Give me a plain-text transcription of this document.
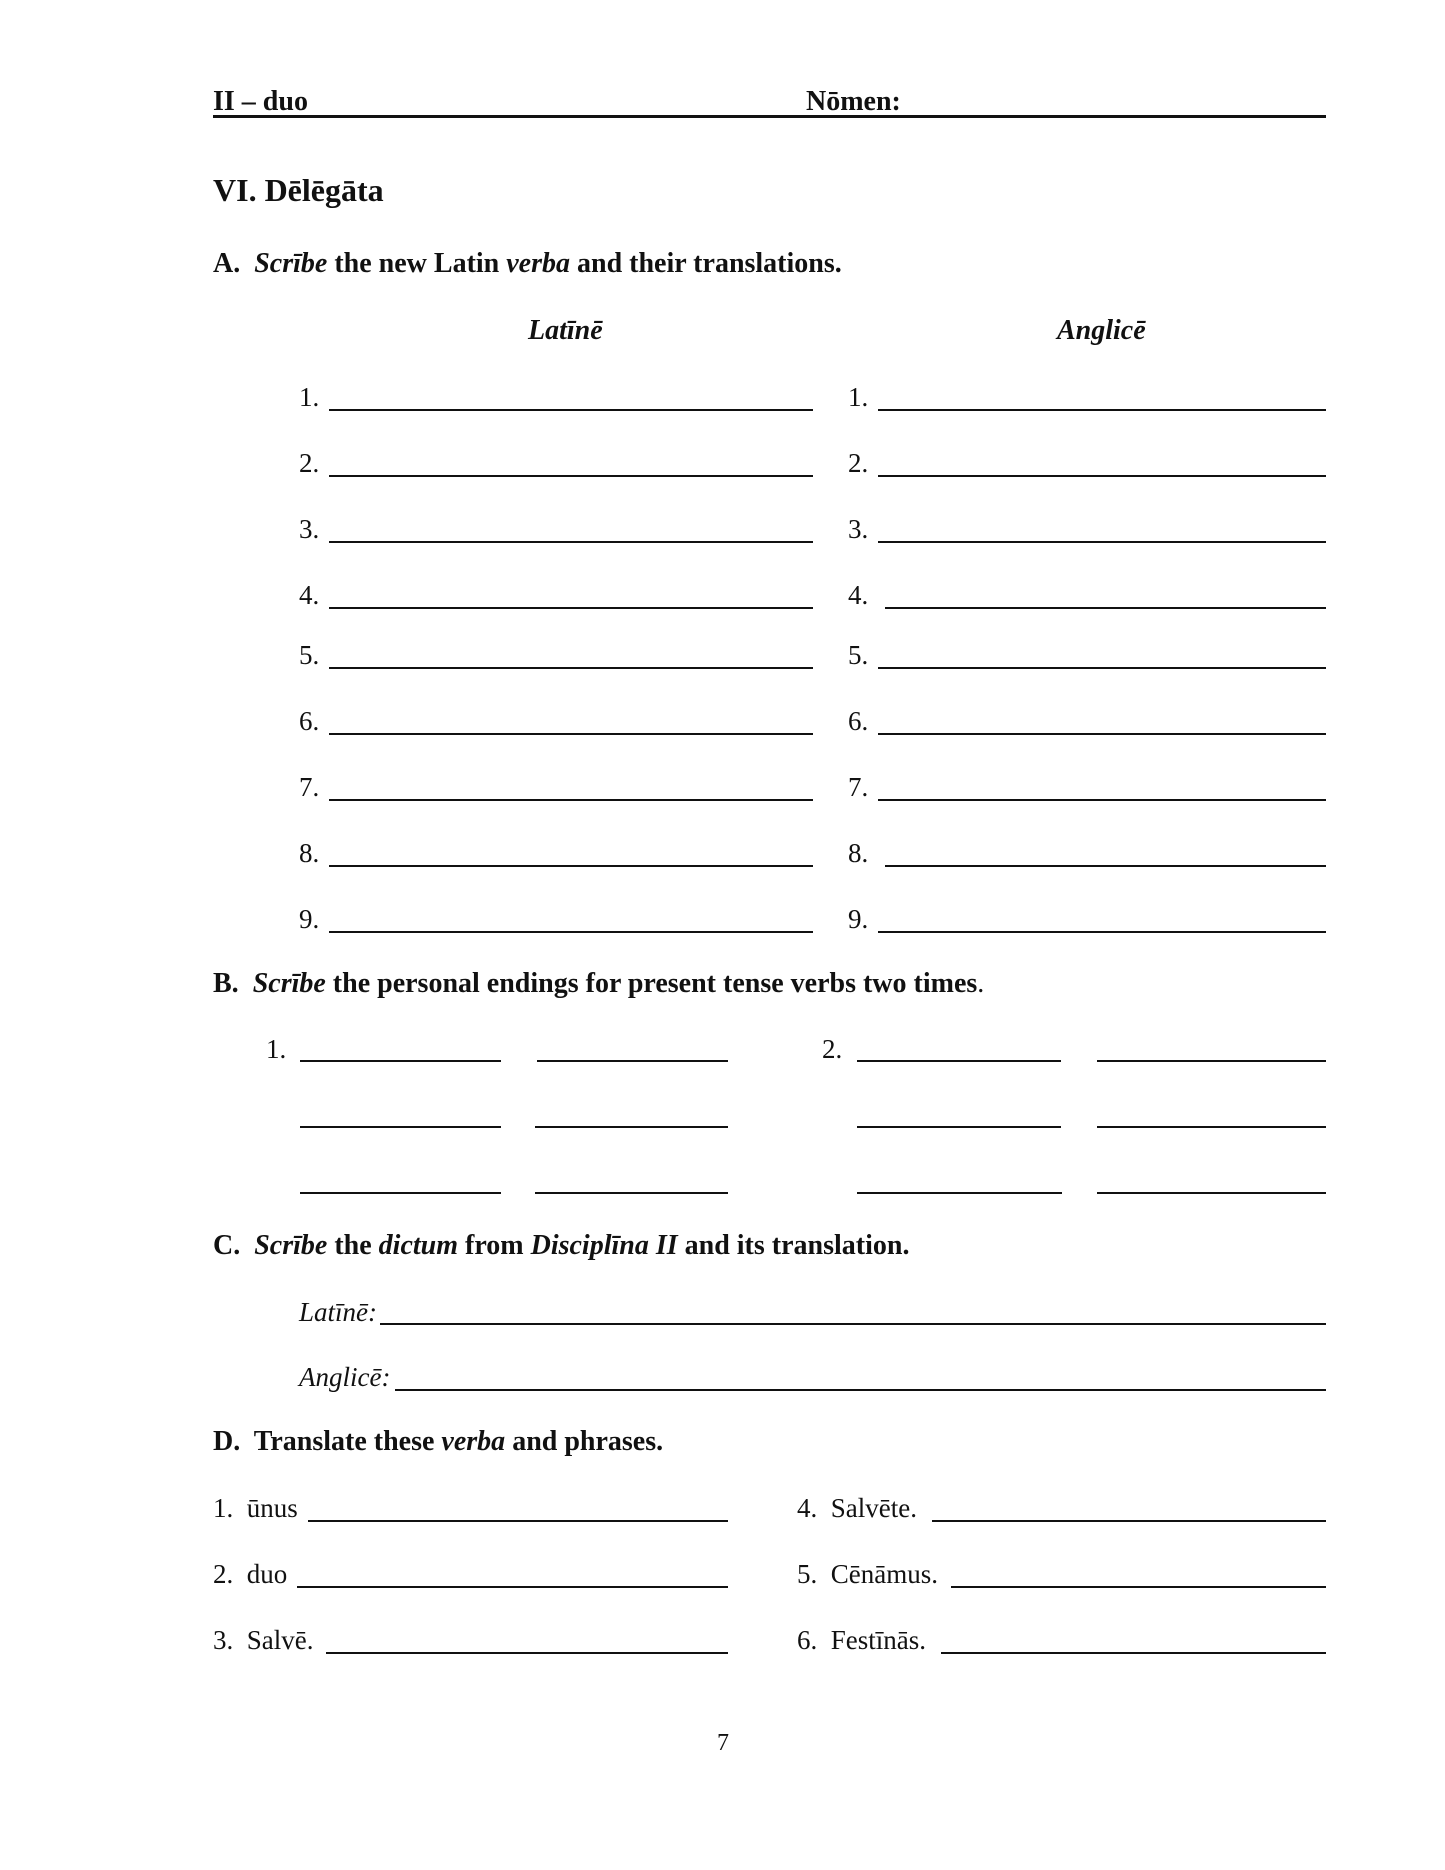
II – duo	Nōmen:
VI. Dēlēgāta
A. Scrībe the new Latin verba and their translations.
Latīnē	Anglicē
1.	1.
2.	2.
3.	3.
4.	4.
5.	5.
6.	6.
7.	7.
8.	8.
9.	9.
B. Scrībe the personal endings for present tense verbs two times.
1.	2.
C. Scrībe the dictum from Disciplīna II and its translation.
Latīnē:
Anglicē:
D. Translate these verba and phrases.
1. ūnus
2. duo
3. Salvē.
4. Salvēte.
5. Cēnāmus.
6. Festīnās.
7
